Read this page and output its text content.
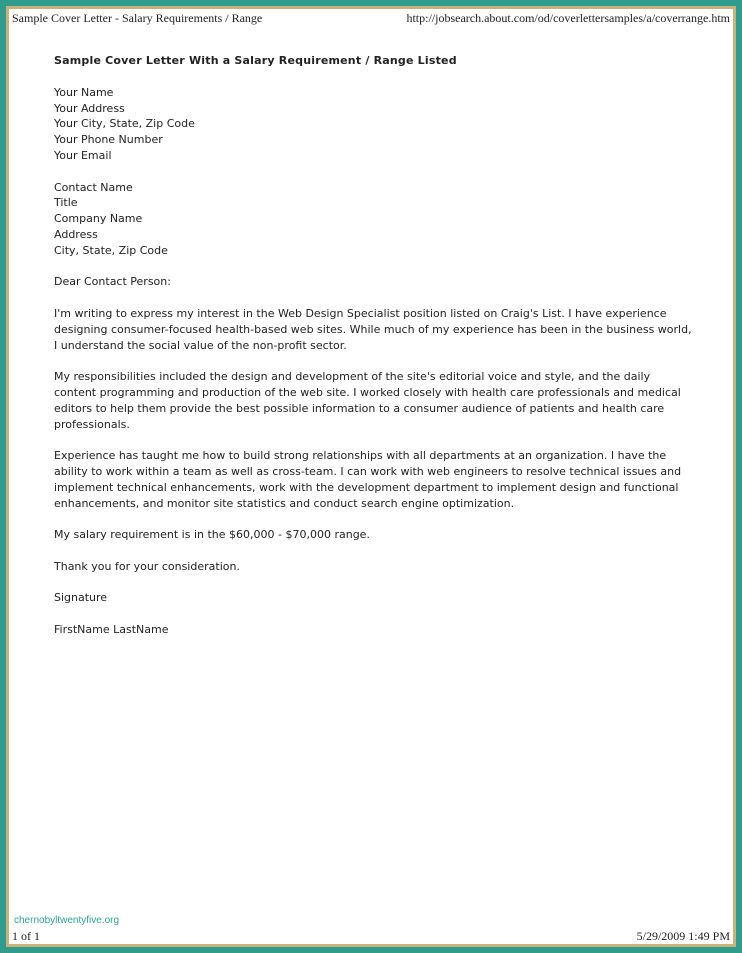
Sample Cover Letter - Salary Requirements / Range	http://jobsearch.about.com/od/coverlettersamples/a/coverrange.htm
Sample Cover Letter With a Salary Requirement / Range Listed
Your Name
Your Address
Your City, State, Zip Code
Your Phone Number
Your Email
Contact Name
Title
Company Name
Address
City, State, Zip Code

Dear Contact Person:

I'm writing to express my interest in the Web Design Specialist position listed on Craig's List. I have experience designing consumer-focused health-based web sites. While much of my experience has been in the business world, I understand the social value of the non-profit sector.

My responsibilities included the design and development of the site's editorial voice and style, and the daily content programming and production of the web site. I worked closely with health care professionals and medical editors to help them provide the best possible information to a consumer audience of patients and health care professionals.

Experience has taught me how to build strong relationships with all departments at an organization. I have the ability to work within a team as well as cross-team. I can work with web engineers to resolve technical issues and implement technical enhancements, work with the development department to implement design and functional enhancements, and monitor site statistics and conduct search engine optimization.

My salary requirement is in the $60,000 - $70,000 range.

Thank you for your consideration.

Signature

FirstName LastName

chernobyltwentyfive.org
1 of 1	5/29/2009 1:49 PM
